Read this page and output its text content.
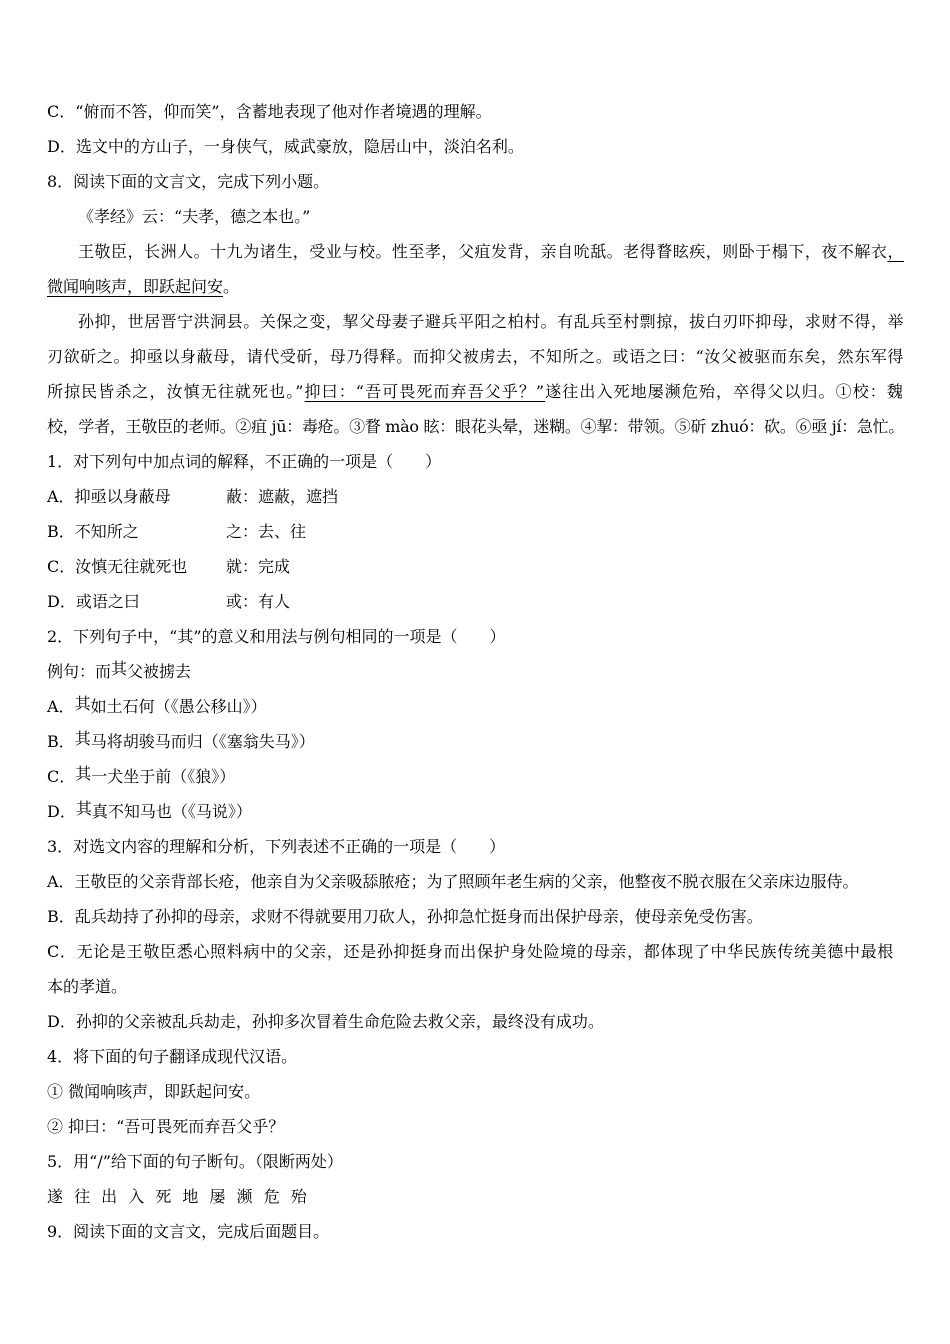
C．“俯而不答，仰而笑”，含蓄地表现了他对作者境遇的理解。
D．选文中的方山子，一身侠气，威武豪放，隐居山中，淡泊名利。
8．阅读下面的文言文，完成下列小题。
《孝经》云：“夫孝，德之本也。”
王敬臣，长洲人。十九为诸生，受业与校。性至孝，父疽发背，亲自吮舐。老得瞀眩疾，则卧于榻下，夜不解衣，
微闻响咳声，即跃起问安。
孙抑，世居晋宁洪洞县。关保之变，挈父母妻子避兵平阳之柏村。有乱兵至村剽掠，拔白刃吓抑母，求财不得，举
刃欲斫之。抑亟以身蔽母，请代受斫，母乃得释。而抑父被虏去，不知所之。或语之曰：“汝父被驱而东矣，然东军得
所掠民皆杀之，汝慎无往就死也。”抑曰：“吾可畏死而弃吾父乎？”遂往出入死地屡濒危殆，卒得父以归。①校：魏
校，学者，王敬臣的老师。②疽 jū：毒疮。③瞀 mào 眩：眼花头晕，迷糊。④挈：带领。⑤斫 zhuó：砍。⑥亟 jí：急忙。
1．对下列句中加点词的解释，不正确的一项是（　　）
A．抑亟以身蔽母	蔽：遮蔽，遮挡
B．不知所之	之：去、往
C．汝慎无往就死也 就：完成
D．或语之曰	或：有人
2．下列句子中，“其”的意义和用法与例句相同的一项是（　　）
例句：而其父被掳去
A．其如土石何（《愚公移山》）
B．其马将胡骏马而归（《塞翁失马》）
C．其一犬坐于前（《狼》）
D．其真不知马也（《马说》）
3．对选文内容的理解和分析，下列表述不正确的一项是（　　）
A．王敬臣的父亲背部长疮，他亲自为父亲吸舔脓疮；为了照顾年老生病的父亲，他整夜不脱衣服在父亲床边服侍。
B．乱兵劫持了孙抑的母亲，求财不得就要用刀砍人，孙抑急忙挺身而出保护母亲，使母亲免受伤害。
C．无论是王敬臣悉心照料病中的父亲，还是孙抑挺身而出保护身处险境的母亲，都体现了中华民族传统美德中最根
本的孝道。
D．孙抑的父亲被乱兵劫走，孙抑多次冒着生命危险去救父亲，最终没有成功。
4．将下面的句子翻译成现代汉语。
① 微闻响咳声，即跃起问安。
② 抑曰：“吾可畏死而弃吾父乎？
5．用“/”给下面的句子断句。（限断两处）
遂 往 出 入 死 地 屡 濒 危 殆
9．阅读下面的文言文，完成后面题目。
